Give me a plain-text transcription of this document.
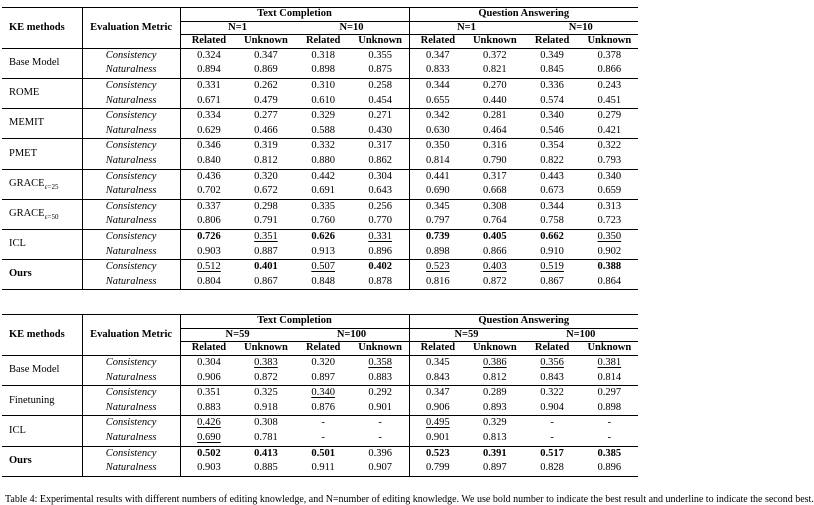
KE methods	Evaluation Metric	Text Completion				Question Answering			
		N=1		N=10		N=1		N=10	
		Related	Unknown	Related	Unknown	Related	Unknown	Related	Unknown
Base Model	Consistency	0.324	0.347	0.318	0.355	0.347	0.372	0.349	0.378
	Naturalness	0.894	0.869	0.898	0.875	0.833	0.821	0.845	0.866
ROME	Consistency	0.331	0.262	0.310	0.258	0.344	0.270	0.336	0.243
	Naturalness	0.671	0.479	0.610	0.454	0.655	0.440	0.574	0.451
MEMIT	Consistency	0.334	0.277	0.329	0.271	0.342	0.281	0.340	0.279
	Naturalness	0.629	0.466	0.588	0.430	0.630	0.464	0.546	0.421
PMET	Consistency	0.346	0.319	0.332	0.317	0.350	0.316	0.354	0.322
	Naturalness	0.840	0.812	0.880	0.862	0.814	0.790	0.822	0.793
$GRACE_{\varepsilon=25}$	Consistency	0.436	0.320	0.442	0.304	0.441	0.317	0.443	0.340
	Naturalness	0.702	0.672	0.691	0.643	0.690	0.668	0.673	0.659
$GRACE_{\varepsilon=50}$	Consistency	0.337	0.298	0.335	0.256	0.345	0.308	0.344	0.313
	Naturalness	0.806	0.791	0.760	0.770	0.797	0.764	0.758	0.723
ICL	Consistency	0.726	0.351	0.626	0.331	0.739	0.405	0.662	0.350
	Naturalness	0.903	0.887	0.913	0.896	0.898	0.866	0.910	0.902
Ours	Consistency	0.512	0.401	0.507	0.402	0.523	0.403	0.519	0.388
	Naturalness	0.804	0.867	0.848	0.878	0.816	0.872	0.867	0.864
KE methods	Evaluation Metric	Text Completion				Question Answering			
		N=59		N=100		N=59		N=100	
		Related	Unknown	Related	Unknown	Related	Unknown	Related	Unknown
Base Model	Consistency	0.304	0.383	0.320	0.358	0.345	0.386	0.356	0.381
	Naturalness	0.906	0.872	0.897	0.883	0.843	0.812	0.843	0.814
Finetuning	Consistency	0.351	0.325	0.340	0.292	0.347	0.289	0.322	0.297
	Naturalness	0.883	0.918	0.876	0.901	0.906	0.893	0.904	0.898
ICL	Consistency	0.426	0.308	-	-	0.495	0.329	-	-
	Naturalness	0.690	0.781	-	-	0.901	0.813	-	-
Ours	Consistency	0.502	0.413	0.501	0.396	0.523	0.391	0.517	0.385
	Naturalness	0.903	0.885	0.911	0.907	0.799	0.897	0.828	0.896

Table 4: Experimental results with different numbers of editing knowledge, and N=number of editing knowledge. We use bold number to indicate the best result and underline to indicate the second best.
